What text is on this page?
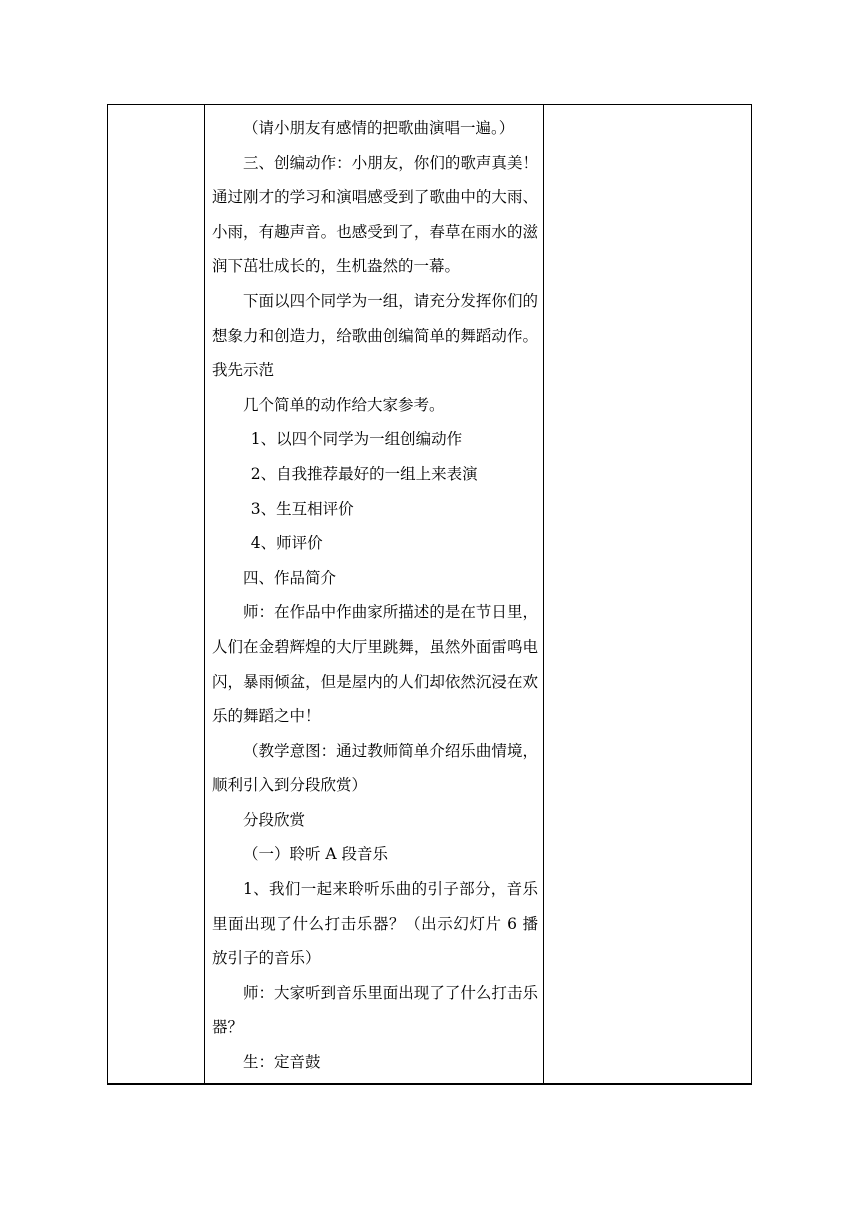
（请小朋友有感情的把歌曲演唱一遍。）

三、创编动作：小朋友，你们的歌声真美！通过刚才的学习和演唱感受到了歌曲中的大雨、小雨，有趣声音。也感受到了，春草在雨水的滋润下茁壮成长的，生机盎然的一幕。

下面以四个同学为一组，请充分发挥你们的想象力和创造力，给歌曲创编简单的舞蹈动作。我先示范

几个简单的动作给大家参考。

1、以四个同学为一组创编动作

2、自我推荐最好的一组上来表演

3、生互相评价

4、师评价

四、作品简介

师：在作品中作曲家所描述的是在节日里，人们在金碧辉煌的大厅里跳舞，虽然外面雷鸣电闪，暴雨倾盆，但是屋内的人们却依然沉浸在欢乐的舞蹈之中！

（教学意图：通过教师简单介绍乐曲情境，顺利引入到分段欣赏）

分段欣赏

（一）聆听 A 段音乐

1、我们一起来聆听乐曲的引子部分，音乐里面出现了什么打击乐器？（出示幻灯片 6 播放引子的音乐）

师：大家听到音乐里面出现了了什么打击乐器？

生：定音鼓
